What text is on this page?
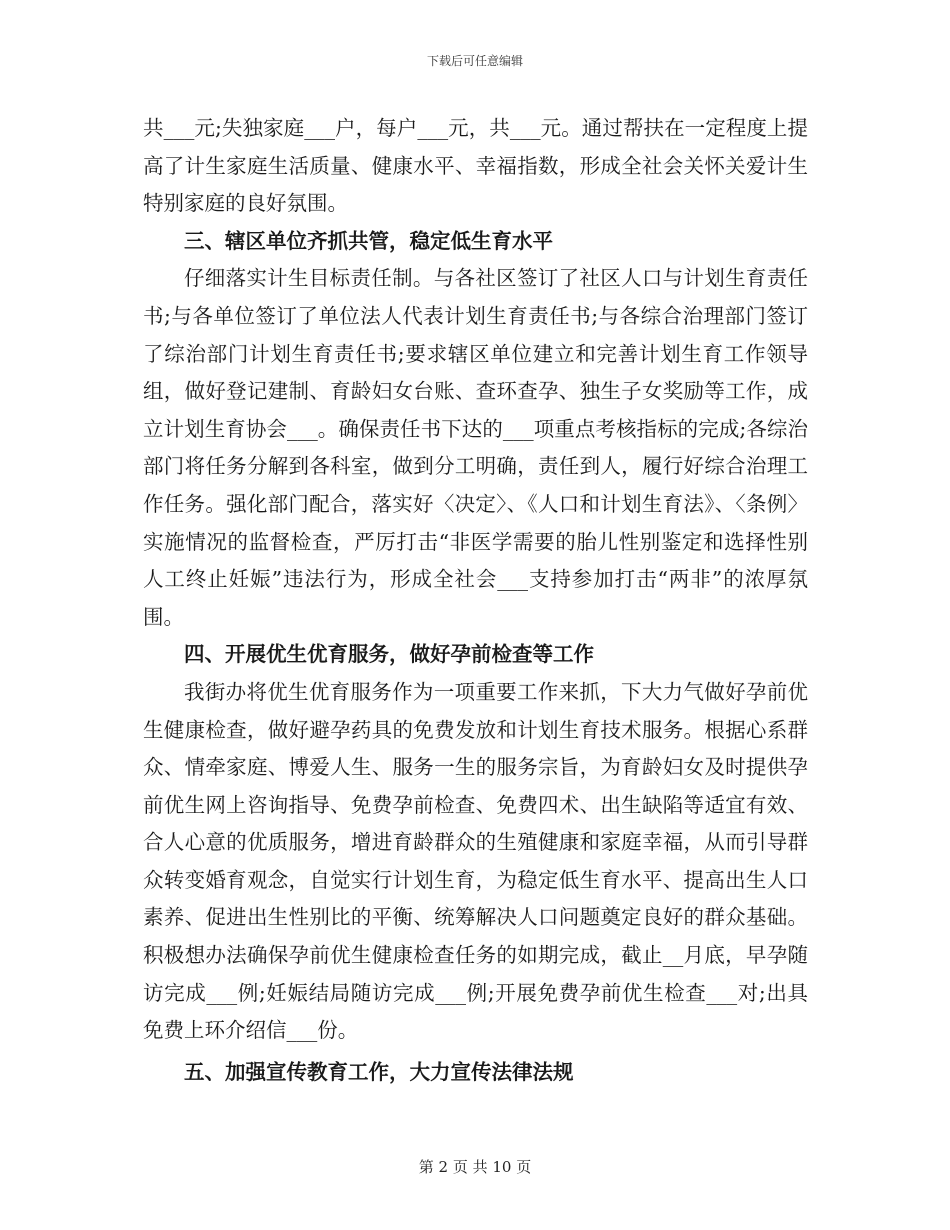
下载后可任意编辑

共___元;失独家庭___户，每户___元，共___元。通过帮扶在一定程度上提高了计生家庭生活质量、健康水平、幸福指数，形成全社会关怀关爱计生特别家庭的良好氛围。

三、辖区单位齐抓共管，稳定低生育水平

仔细落实计生目标责任制。与各社区签订了社区人口与计划生育责任书;与各单位签订了单位法人代表计划生育责任书;与各综合治理部门签订了综治部门计划生育责任书;要求辖区单位建立和完善计划生育工作领导组，做好登记建制、育龄妇女台账、查环查孕、独生子女奖励等工作，成立计划生育协会___。确保责任书下达的___项重点考核指标的完成;各综治部门将任务分解到各科室，做到分工明确，责任到人，履行好综合治理工作任务。强化部门配合，落实好〈决定〉、《人口和计划生育法》、〈条例〉实施情况的监督检查，严厉打击“非医学需要的胎儿性别鉴定和选择性别人工终止妊娠”违法行为，形成全社会___支持参加打击“两非”的浓厚氛围。

四、开展优生优育服务，做好孕前检查等工作

我街办将优生优育服务作为一项重要工作来抓，下大力气做好孕前优生健康检查，做好避孕药具的免费发放和计划生育技术服务。根据心系群众、情牵家庭、博爱人生、服务一生的服务宗旨，为育龄妇女及时提供孕前优生网上咨询指导、免费孕前检查、免费四术、出生缺陷等适宜有效、合人心意的优质服务，增进育龄群众的生殖健康和家庭幸福，从而引导群众转变婚育观念，自觉实行计划生育，为稳定低生育水平、提高出生人口素养、促进出生性别比的平衡、统筹解决人口问题奠定良好的群众基础。积极想办法确保孕前优生健康检查任务的如期完成，截止__月底，早孕随访完成___例;妊娠结局随访完成___例;开展免费孕前优生检查___对;出具免费上环介绍信___份。

五、加强宣传教育工作，大力宣传法律法规

第 2 页 共 10 页
